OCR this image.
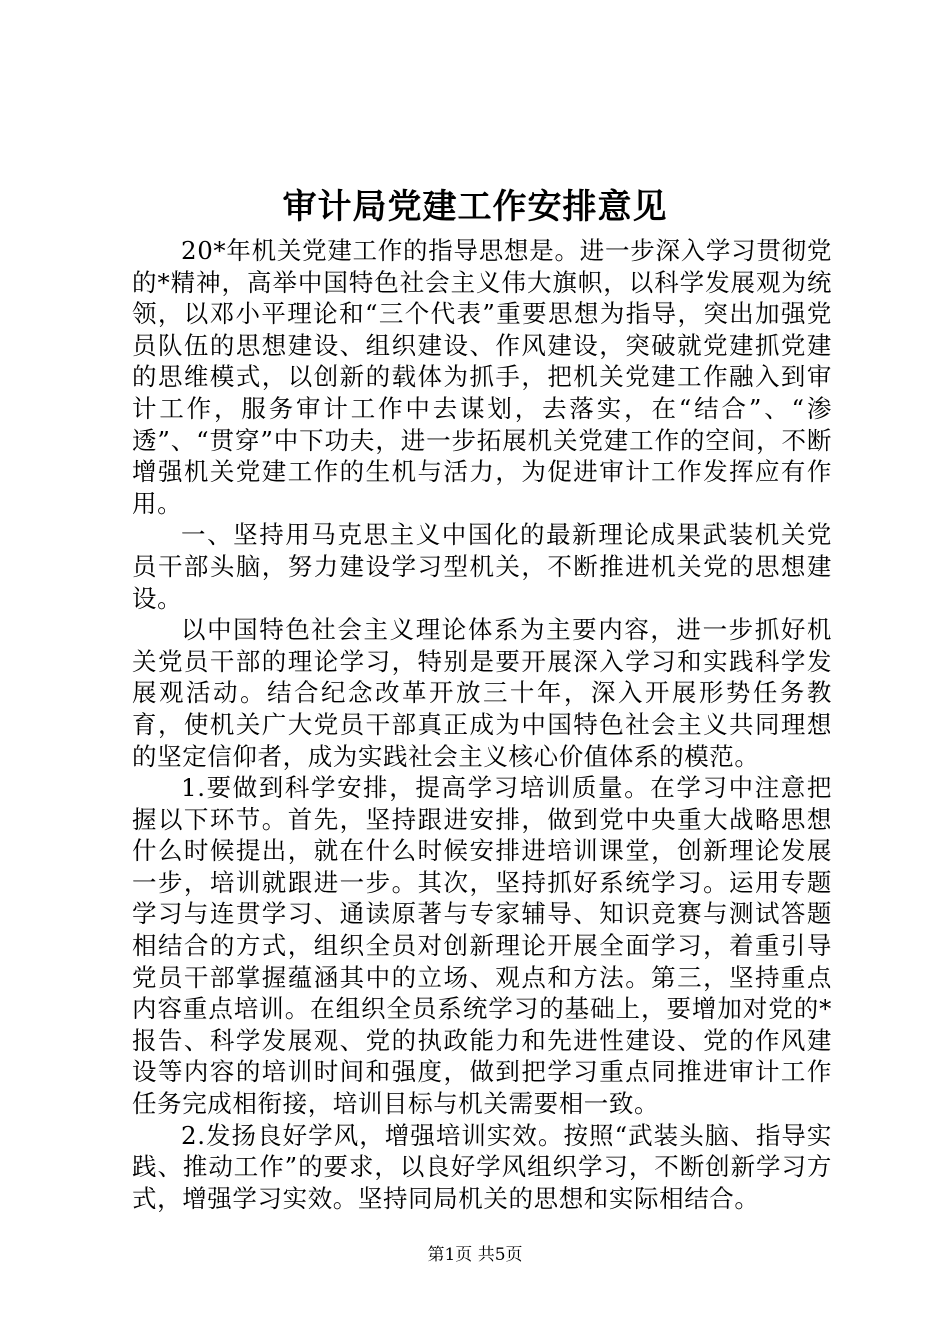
审计局党建工作安排意见

20*年机关党建工作的指导思想是。进一步深入学习贯彻党的*精神，高举中国特色社会主义伟大旗帜，以科学发展观为统领，以邓小平理论和“三个代表”重要思想为指导，突出加强党员队伍的思想建设、组织建设、作风建设，突破就党建抓党建的思维模式，以创新的载体为抓手，把机关党建工作融入到审计工作，服务审计工作中去谋划，去落实，在“结合”、“渗透”、“贯穿”中下功夫，进一步拓展机关党建工作的空间，不断增强机关党建工作的生机与活力，为促进审计工作发挥应有作用。

一、坚持用马克思主义中国化的最新理论成果武装机关党员干部头脑，努力建设学习型机关，不断推进机关党的思想建设。

以中国特色社会主义理论体系为主要内容，进一步抓好机关党员干部的理论学习，特别是要开展深入学习和实践科学发展观活动。结合纪念改革开放三十年，深入开展形势任务教育，使机关广大党员干部真正成为中国特色社会主义共同理想的坚定信仰者，成为实践社会主义核心价值体系的模范。

1.要做到科学安排，提高学习培训质量。在学习中注意把握以下环节。首先，坚持跟进安排，做到党中央重大战略思想什么时候提出，就在什么时候安排进培训课堂，创新理论发展一步，培训就跟进一步。其次，坚持抓好系统学习。运用专题学习与连贯学习、通读原著与专家辅导、知识竞赛与测试答题相结合的方式，组织全员对创新理论开展全面学习，着重引导党员干部掌握蕴涵其中的立场、观点和方法。第三，坚持重点内容重点培训。在组织全员系统学习的基础上，要增加对党的*报告、科学发展观、党的执政能力和先进性建设、党的作风建设等内容的培训时间和强度，做到把学习重点同推进审计工作任务完成相衔接，培训目标与机关需要相一致。

2.发扬良好学风，增强培训实效。按照“武装头脑、指导实践、推动工作”的要求，以良好学风组织学习，不断创新学习方式，增强学习实效。坚持同局机关的思想和实际相结合。

第1页 共5页
